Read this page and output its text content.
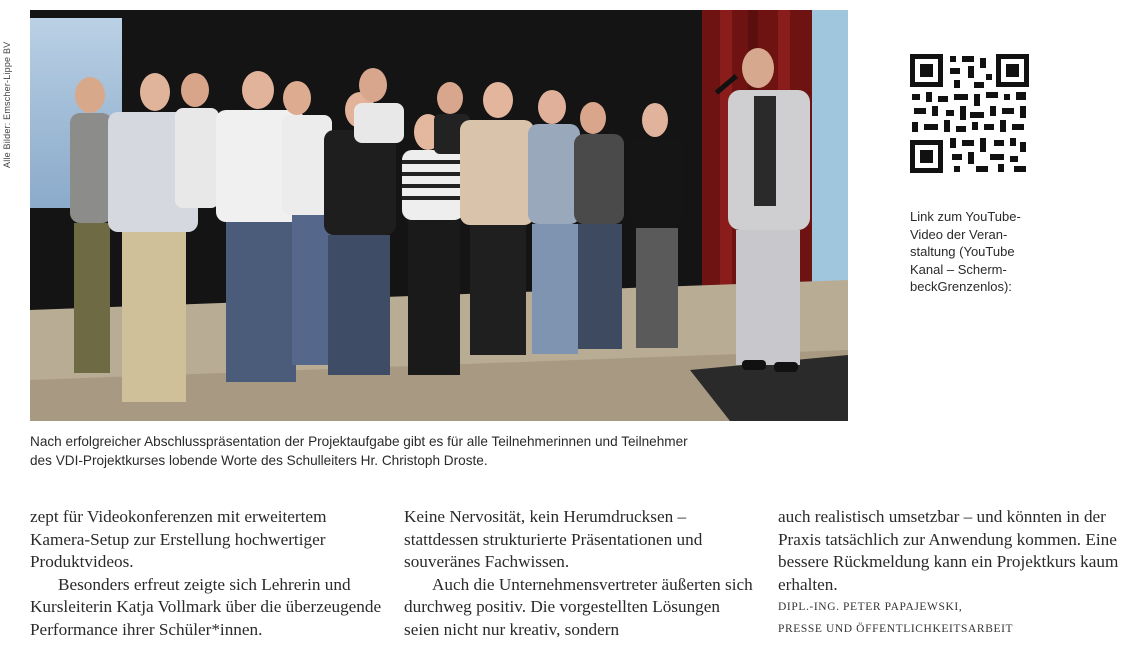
Alle Bilder: Emscher-Lippe BV

Nach erfolgreicher Abschlusspräsentation der Projektaufgabe gibt es für alle Teilnehmerinnen und Teilnehmer

des VDI-Projektkurses lobende Worte des Schulleiters Hr. Christoph Droste.

Link zum YouTube-

Video der Veran-

staltung (YouTube

Kanal – Scherm-

beckGrenzenlos):

zept für Videokonferenzen mit erweitertem Kamera-Setup zur Erstellung hochwertiger Produktvideos.

Besonders erfreut zeigte sich Lehrerin und Kursleiterin Katja Vollmark über die überzeugende Performance ihrer Schüler*innen.

Keine Nervosität, kein Herumdrucksen – stattdessen strukturierte Präsentationen und souveränes Fachwissen.

Auch die Unternehmensvertreter äußerten sich durchweg positiv. Die vorgestellten Lösungen seien nicht nur kreativ, sondern

auch realistisch umsetzbar – und könnten in der Praxis tatsächlich zur Anwendung kommen. Eine bessere Rückmeldung kann ein Projektkurs kaum erhalten.

DIPL.-ING. PETER PAPAJEWSKI,

PRESSE UND ÖFFENTLICHKEITSARBEIT
